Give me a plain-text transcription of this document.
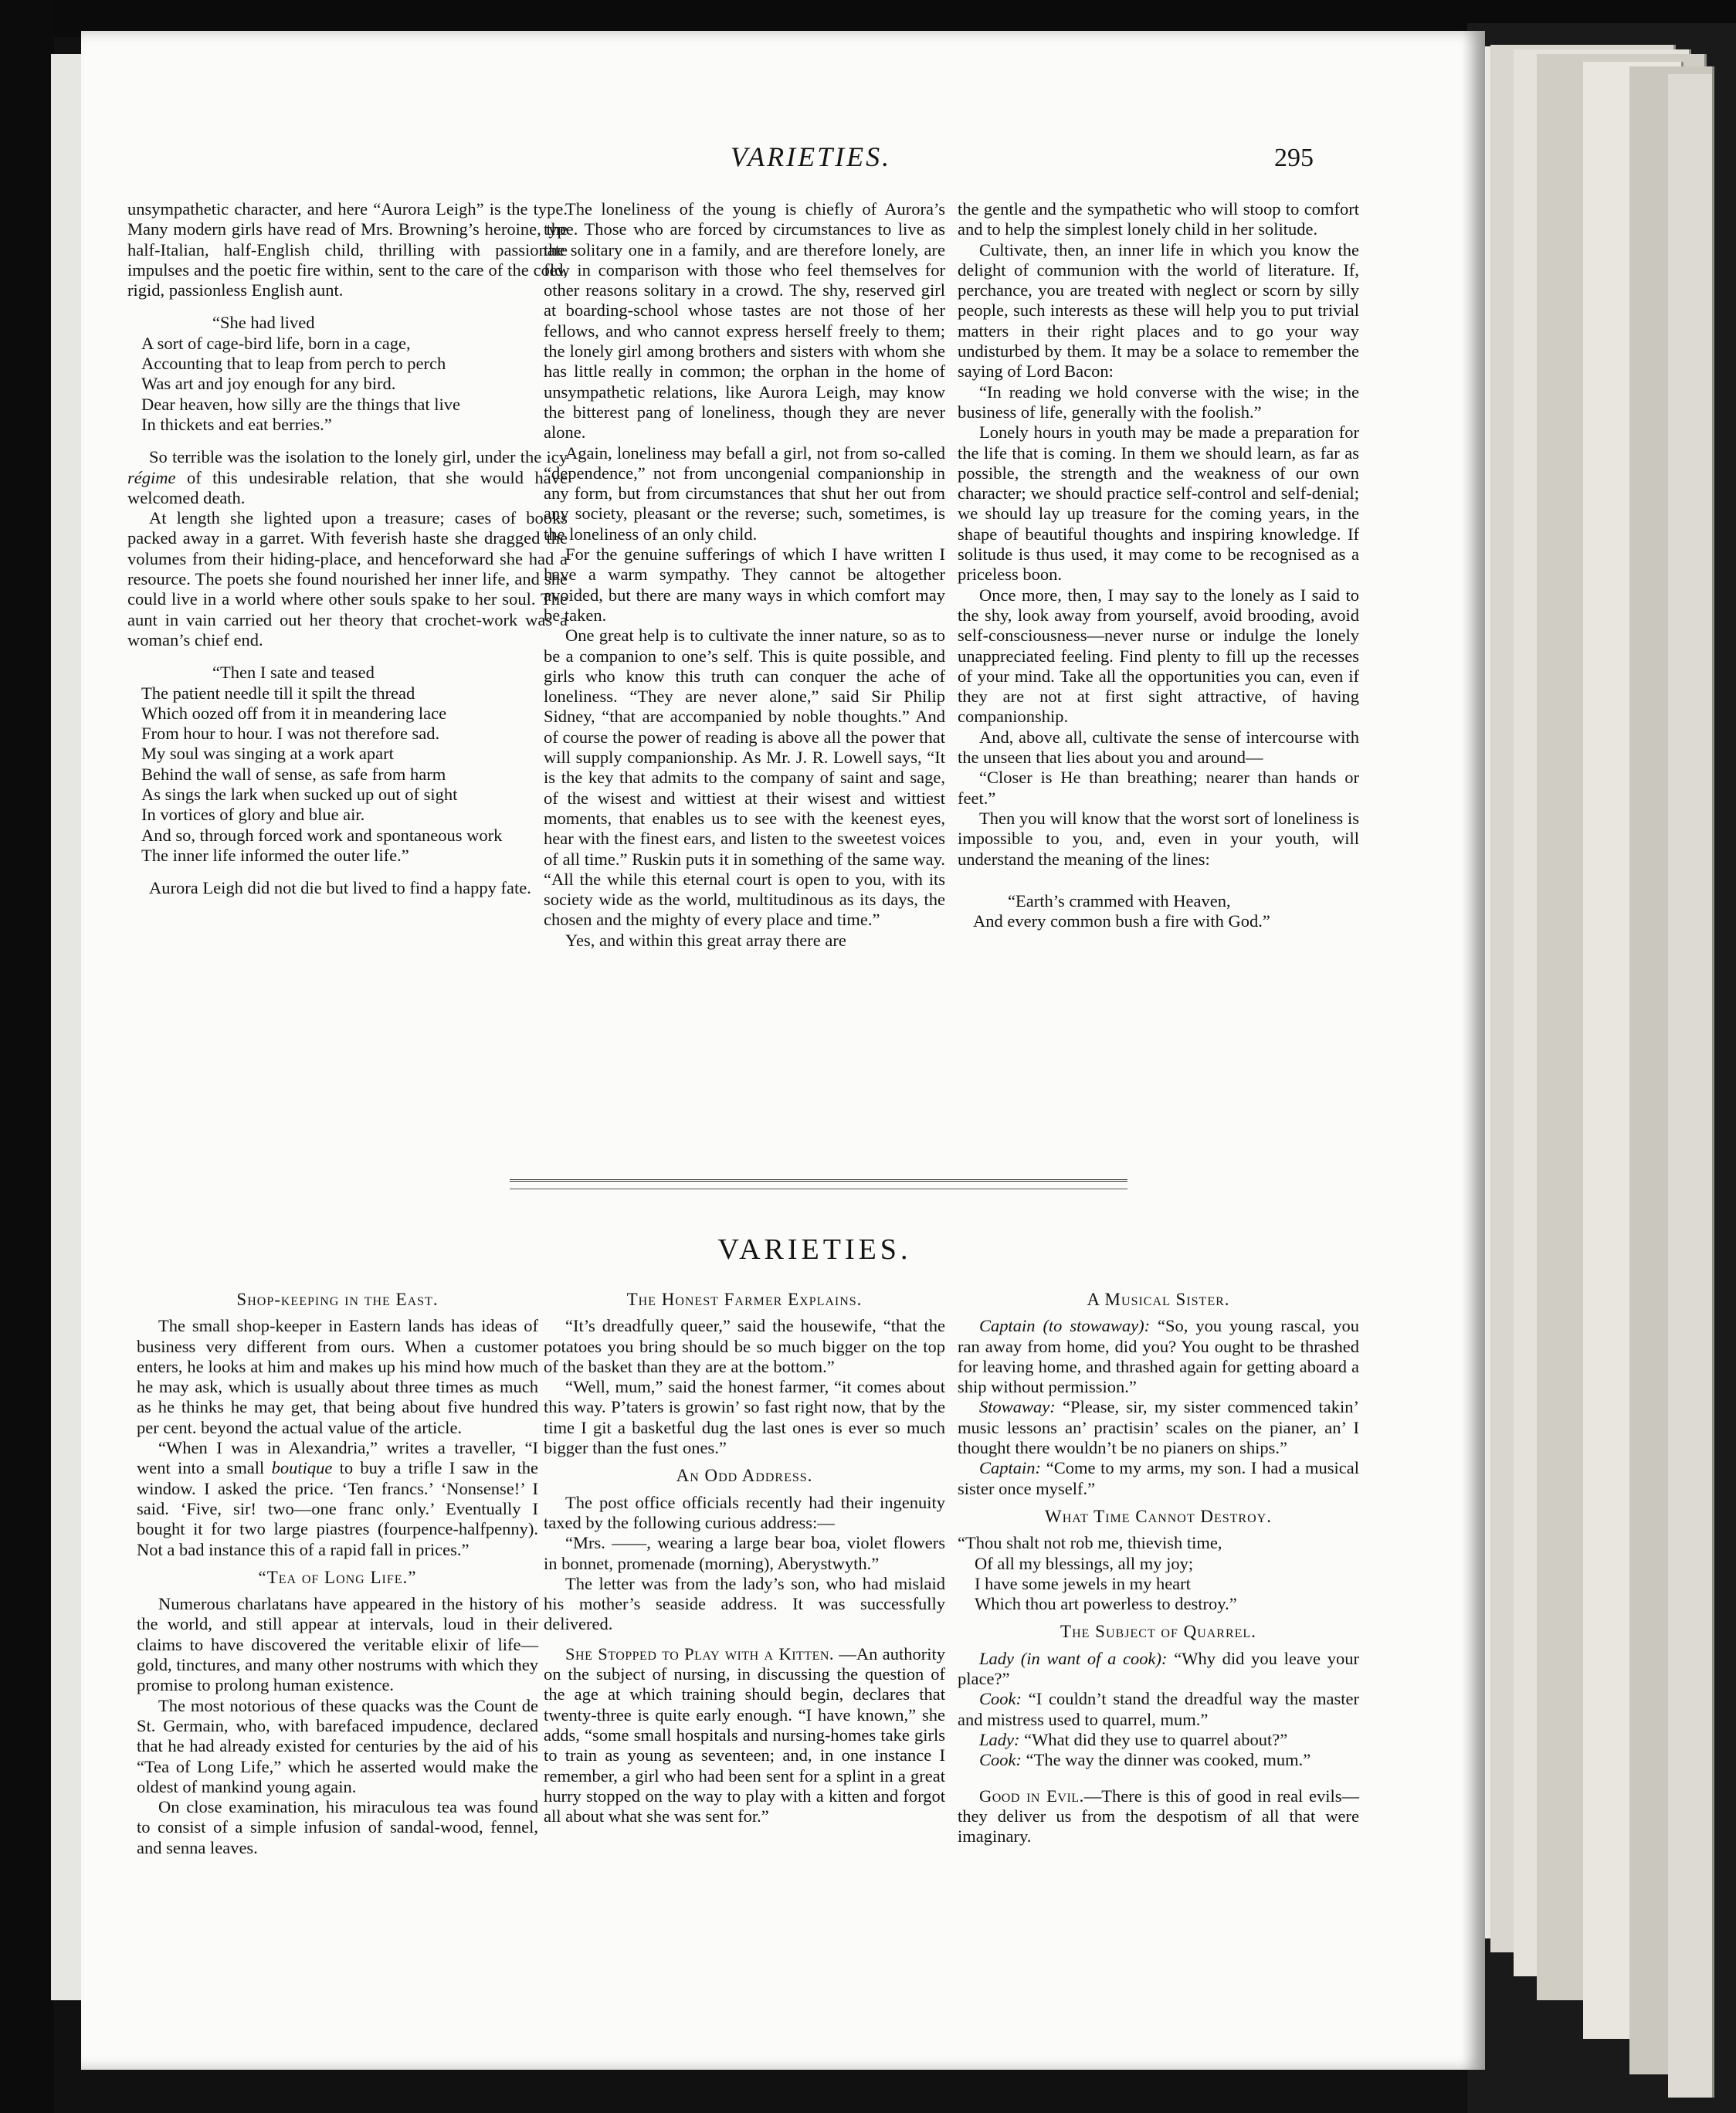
VARIETIES.	295

unsympathetic character, and here “Aurora Leigh” is the type. Many modern girls have read of Mrs. Browning’s heroine, the half-Italian, half-English child, thrilling with passionate impulses and the poetic fire within, sent to the care of the cold, rigid, passionless English aunt.

“She had lived
A sort of cage-bird life, born in a cage,
Accounting that to leap from perch to perch
Was art and joy enough for any bird.
Dear heaven, how silly are the things that live
In thickets and eat berries.”

So terrible was the isolation to the lonely girl, under the icy régime of this undesirable relation, that she would have welcomed death.

At length she lighted upon a treasure; cases of books packed away in a garret. With feverish haste she dragged the volumes from their hiding-place, and henceforward she had a resource. The poets she found nourished her inner life, and she could live in a world where other souls spake to her soul. The aunt in vain carried out her theory that crochet-work was a woman’s chief end.

“Then I sate and teased
The patient needle till it spilt the thread
Which oozed off from it in meandering lace
From hour to hour. I was not therefore sad.
My soul was singing at a work apart
Behind the wall of sense, as safe from harm
As sings the lark when sucked up out of sight
In vortices of glory and blue air.
And so, through forced work and spontaneous work
The inner life informed the outer life.”

Aurora Leigh did not die but lived to find a happy fate.

The loneliness of the young is chiefly of Aurora’s type. Those who are forced by circumstances to live as the solitary one in a family, and are therefore lonely, are few in comparison with those who feel themselves for other reasons solitary in a crowd. The shy, reserved girl at boarding-school whose tastes are not those of her fellows, and who cannot express herself freely to them; the lonely girl among brothers and sisters with whom she has little really in common; the orphan in the home of unsympathetic relations, like Aurora Leigh, may know the bitterest pang of loneliness, though they are never alone.

Again, loneliness may befall a girl, not from so-called “dependence,” not from uncongenial companionship in any form, but from circumstances that shut her out from any society, pleasant or the reverse; such, sometimes, is the loneliness of an only child.

For the genuine sufferings of which I have written I have a warm sympathy. They cannot be altogether avoided, but there are many ways in which comfort may be taken.

One great help is to cultivate the inner nature, so as to be a companion to one’s self. This is quite possible, and girls who know this truth can conquer the ache of loneliness. “They are never alone,” said Sir Philip Sidney, “that are accompanied by noble thoughts.” And of course the power of reading is above all the power that will supply companionship. As Mr. J. R. Lowell says, “It is the key that admits to the company of saint and sage, of the wisest and wittiest at their wisest and wittiest moments, that enables us to see with the keenest eyes, hear with the finest ears, and listen to the sweetest voices of all time.” Ruskin puts it in something of the same way. “All the while this eternal court is open to you, with its society wide as the world, multitudinous as its days, the chosen and the mighty of every place and time.”

Yes, and within this great array there are

the gentle and the sympathetic who will stoop to comfort and to help the simplest lonely child in her solitude.

Cultivate, then, an inner life in which you know the delight of communion with the world of literature. If, perchance, you are treated with neglect or scorn by silly people, such interests as these will help you to put trivial matters in their right places and to go your way undisturbed by them. It may be a solace to remember the saying of Lord Bacon:

“In reading we hold converse with the wise; in the business of life, generally with the foolish.”

Lonely hours in youth may be made a preparation for the life that is coming. In them we should learn, as far as possible, the strength and the weakness of our own character; we should practice self-control and self-denial; we should lay up treasure for the coming years, in the shape of beautiful thoughts and inspiring knowledge. If solitude is thus used, it may come to be recognised as a priceless boon.

Once more, then, I may say to the lonely as I said to the shy, look away from yourself, avoid brooding, avoid self-consciousness—never nurse or indulge the lonely unappreciated feeling. Find plenty to fill up the recesses of your mind. Take all the opportunities you can, even if they are not at first sight attractive, of having companionship.

And, above all, cultivate the sense of intercourse with the unseen that lies about you and around—

“Closer is He than breathing; nearer than hands or feet.”

Then you will know that the worst sort of loneliness is impossible to you, and, even in your youth, will understand the meaning of the lines:

“Earth’s crammed with Heaven,
And every common bush a fire with God.”
VARIETIES.
Shop-keeping in the East.

The small shop-keeper in Eastern lands has ideas of business very different from ours. When a customer enters, he looks at him and makes up his mind how much he may ask, which is usually about three times as much as he thinks he may get, that being about five hundred per cent. beyond the actual value of the article.

“When I was in Alexandria,” writes a traveller, “I went into a small boutique to buy a trifle I saw in the window. I asked the price. ‘Ten francs.’ ‘Nonsense!’ I said. ‘Five, sir! two—one franc only.’ Eventually I bought it for two large piastres (fourpence-halfpenny). Not a bad instance this of a rapid fall in prices.”

“Tea of Long Life.”

Numerous charlatans have appeared in the history of the world, and still appear at intervals, loud in their claims to have discovered the veritable elixir of life—gold, tinctures, and many other nostrums with which they promise to prolong human existence.

The most notorious of these quacks was the Count de St. Germain, who, with barefaced impudence, declared that he had already existed for centuries by the aid of his “Tea of Long Life,” which he asserted would make the oldest of mankind young again.

On close examination, his miraculous tea was found to consist of a simple infusion of sandal-wood, fennel, and senna leaves.

The Honest Farmer Explains.

“It’s dreadfully queer,” said the housewife, “that the potatoes you bring should be so much bigger on the top of the basket than they are at the bottom.”

“Well, mum,” said the honest farmer, “it comes about this way. P’taters is growin’ so fast right now, that by the time I git a basketful dug the last ones is ever so much bigger than the fust ones.”

An Odd Address.

The post office officials recently had their ingenuity taxed by the following curious address:—

“Mrs. ——, wearing a large bear boa, violet flowers in bonnet, promenade (morning), Aberystwyth.”

The letter was from the lady’s son, who had mislaid his mother’s seaside address. It was successfully delivered.

She Stopped to Play with a Kitten. —An authority on the subject of nursing, in discussing the question of the age at which training should begin, declares that twenty-three is quite early enough. “I have known,” she adds, “some small hospitals and nursing-homes take girls to train as young as seventeen; and, in one instance I remember, a girl who had been sent for a splint in a great hurry stopped on the way to play with a kitten and forgot all about what she was sent for.”

A Musical Sister.

Captain (to stowaway): “So, you young rascal, you ran away from home, did you? You ought to be thrashed for leaving home, and thrashed again for getting aboard a ship without permission.”

Stowaway: “Please, sir, my sister commenced takin’ music lessons an’ practisin’ scales on the pianer, an’ I thought there wouldn’t be no pianers on ships.”

Captain: “Come to my arms, my son. I had a musical sister once myself.”

What Time Cannot Destroy.
“Thou shalt not rob me, thievish time,
Of all my blessings, all my joy;
I have some jewels in my heart
Which thou art powerless to destroy.”
The Subject of Quarrel.

Lady (in want of a cook): “Why did you leave your place?”

Cook: “I couldn’t stand the dreadful way the master and mistress used to quarrel, mum.”

Lady: “What did they use to quarrel about?”

Cook: “The way the dinner was cooked, mum.”

Good in Evil.—There is this of good in real evils—they deliver us from the despotism of all that were imaginary.
